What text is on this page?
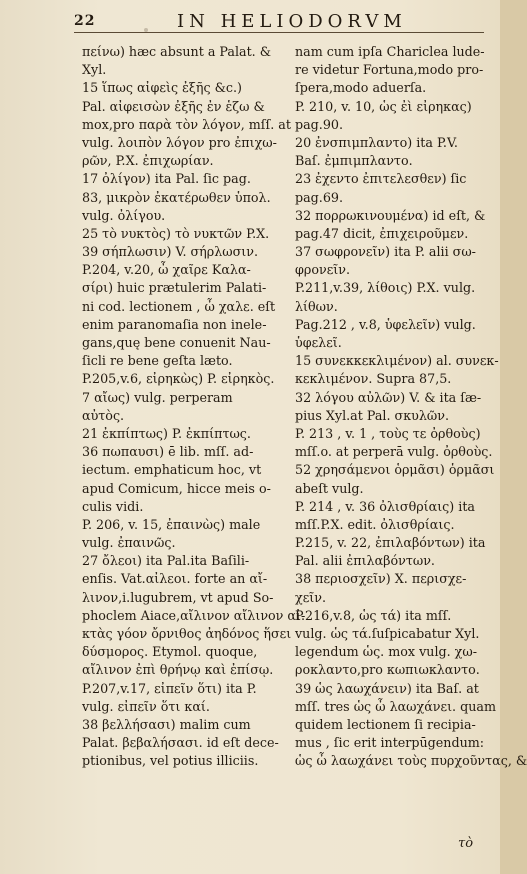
22	IN HELIODORVM
πείνω) hæc absunt a Palat. &
Xyl.
15 ἵπως αἰφεὶς ἐξῆς &c.)
Pal. αἰφεισὼν ἐξῆς ἐν ἑζω &
mox,pro παρὰ τὸν λόγον, mſſ. at
vulg. λοιπὸν λόγον pro ἐπιχω-
ρῶν, P.X. ἐπιχωρίαν.
17 ὀλίγον) ita Pal. ſic pag.
83, μικρὸν ἐκατέρωθεν ὑπολ.
vulg. ὀλίγου.
25 τὸ νυκτὸς) τὸ νυκτῶν P.X.
39 σήπλωσιν) V. σήρλωσιν.
P.204, v.20, ὦ χαῖρε Καλα-
σίρι) huic prætulerim Palati-
ni cod. lectionem , ὦ χαλε. eſt
enim paranomaſia non inele-
gans,quę bene conuenit Nau-
ſicli re bene geſta læto.
P.205,v.6, εἰρηκὼς) P. εἰρηκὸς.
7 αἴως) vulg. perperam
αὐτὸς.
21 ἐκπίπτως) P. ἐκπίπτως.
36 πωπαυσι) ē lib. mſſ. ad-
iectum. emphaticum hoc, vt
apud Comicum, hicce meis o-
culis vidi.
P. 206, v. 15, ἐπαινὼς) male
vulg. ἐπαινῶς.
27 ὄλεοι) ita Pal.ita Baſili-
enſis. Vat.αἰλεοι. forte an αἴ-
λινον,i.lugubrem, vt apud So-
phoclem Aiace,αἴλινον αἴλινον αἰ-
κτὰς γόον ὄρνιθος ἀηδόνος ἥσει
δύσμορος. Etymol. quoque,
αἴλινον ἐπὶ θρήνῳ καὶ ἐπίσῳ.
P.207,v.17, εἰπεῖν ὅτι) ita P.
vulg. εἰπεῖν ὅτι καί.
38 βελλήσασι) malim cum
Palat. βεβαλήσασι. id eſt dece-
ptionibus, vel potius illiciis.
nam cum ipſa Chariclea lude-
re videtur Fortuna,modo pro-
ſpera,modo aduerſa.
P. 210, v. 10, ὡς ἐὶ εἰρηκας)
pag.90.
20 ἐνσπιμπλαντο) ita P.V.
Baſ. ἐμπιμπλαντο.
23 ἐχεντο ἐπιτελεσθεν) ſic
pag.69.
32 πορρωκινουμένα) id eſt, &
pag.47 dicit, ἐπιχειροῦμεν.
37 σωφρονεῖν) ita P. alii σω-
φρονεῖν.
P.211,v.39, λίθοις) P.X. vulg.
λίθων.
Pag.212 , v.8, ὑφελεῖν) vulg.
ὑφελεῖ.
15 συνεκκεκλιμένον) al. συνεκ-
κεκλιμένον. Supra 87,5.
32 λόγου αὐλῶν) V. & ita ſæ-
pius Xyl.at Pal. σκυλῶν.
P. 213 , v. 1 , τοὺς τε ὀρθοὺς)
mſſ.o. at perperā vulg. ὀρθοὺς.
52 χρησάμενοι ὁρμᾶσι) ὁρμᾶσι
abeſt vulg.
P. 214 , v. 36 ὀλισθρίαις) ita
mſſ.P.X. edit. ὀλισθρίαις.
P.215, v. 22, ἐπιλαβόντων) ita
Pal. alii ἐπιλαβόντων.
38 περιοσχεῖν) X. περισχε-
χεῖν.
P.216,v.8, ὡς τά) ita mſſ.
vulg. ὡς τά.ſuſpicabatur Xyl.
legendum ὡς. mox vulg. χω-
ροκλαντο,pro κωπιωκλαντο.
39 ὡς λαωχάνειν) ita Baſ. at
mſſ. tres ὡς ὦ λαωχάνει. quam
quidem lectionem ſi recipia-
mus , ſic erit interpūgendum:
ὡς ὦ λαωχάνει τοὺς πυρχοῦντας, &
τὸ
